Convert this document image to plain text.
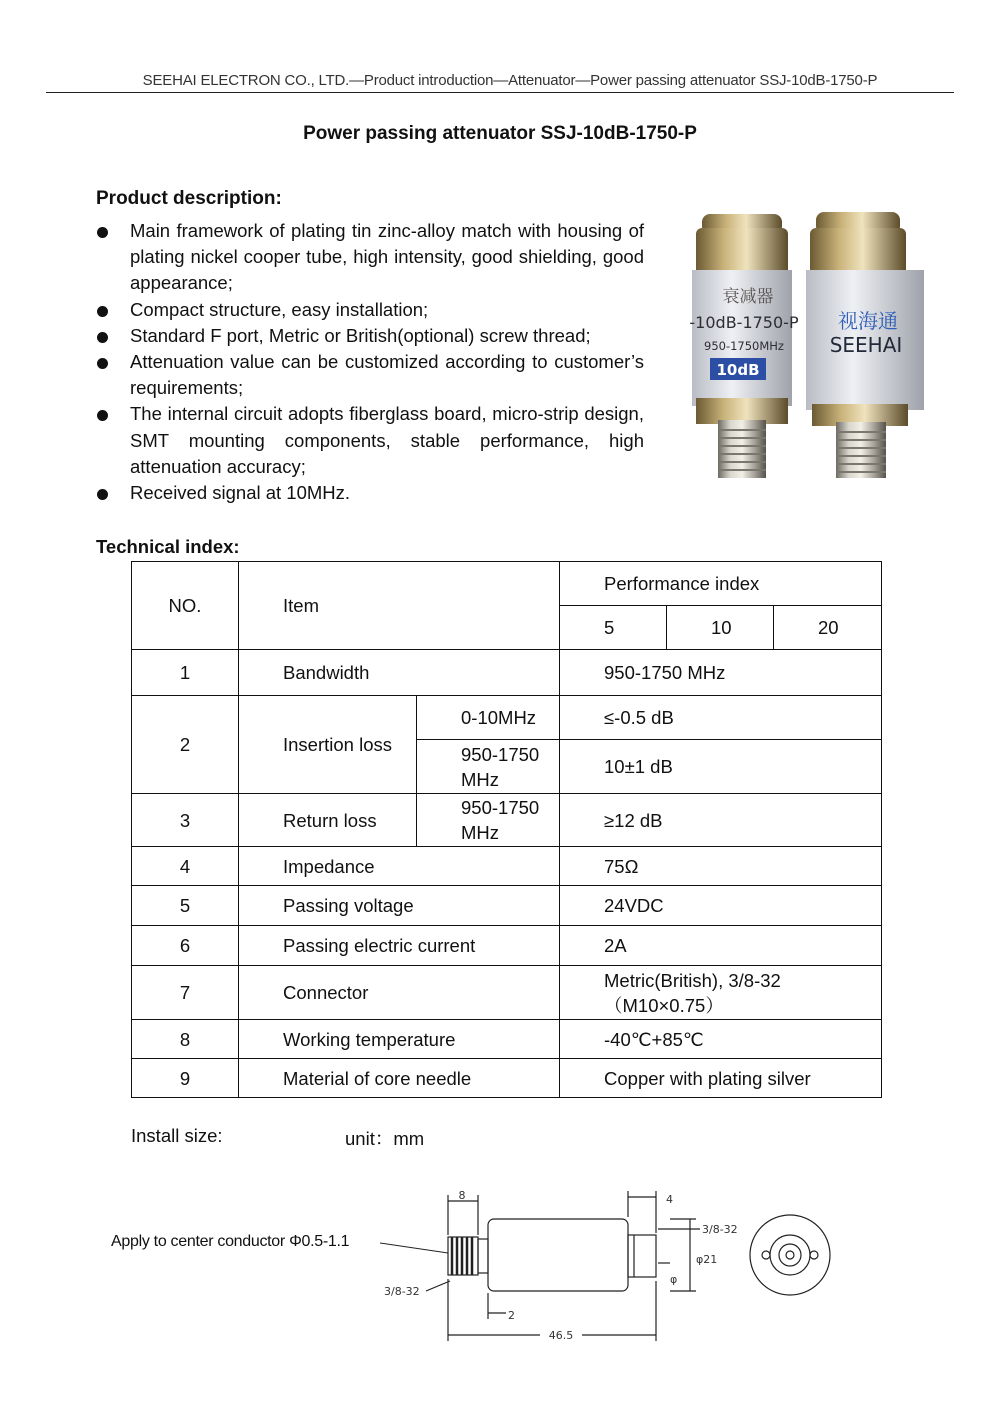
SEEHAI ELECTRON CO., LTD.—Product introduction—Attenuator—Power passing attenuator SSJ-10dB-1750-P
Power passing attenuator SSJ-10dB-1750-P
Product description:
Main framework of plating tin zinc-alloy match with housing of plating nickel cooper tube, high intensity, good shielding, good appearance;
Compact structure, easy installation;
Standard F port, Metric or British(optional) screw thread;
Attenuation value can be customized according to customer’s requirements;
The internal circuit adopts fiberglass board, micro-strip design, SMT mounting components, stable performance, high attenuation accuracy;
Received signal at 10MHz.
衰减器
-10dB-1750-P
950-1750MHz
10dB
视海通
SEEHAI
Technical index:
NO.	Item		Performance index		
			5	10	20
1	Bandwidth		950-1750 MHz		
2	Insertion loss	0-10MHz	≤-0.5 dB		
		950-1750 MHz	10±1 dB		
3	Return loss	950-1750 MHz	≥12 dB		
4	Impedance		75Ω		
5	Passing voltage		24VDC		
6	Passing electric current		2A		
7	Connector		Metric(British), 3/8-32（M10×0.75）		
8	Working temperature		-40℃+85℃		
9	Material of core needle		Copper with plating silver		
Install size:	unit：mm
Apply to center conductor Φ0.5-1.1
8	4
2
46.5
3/8-32
φ21
φ
3/8-32
